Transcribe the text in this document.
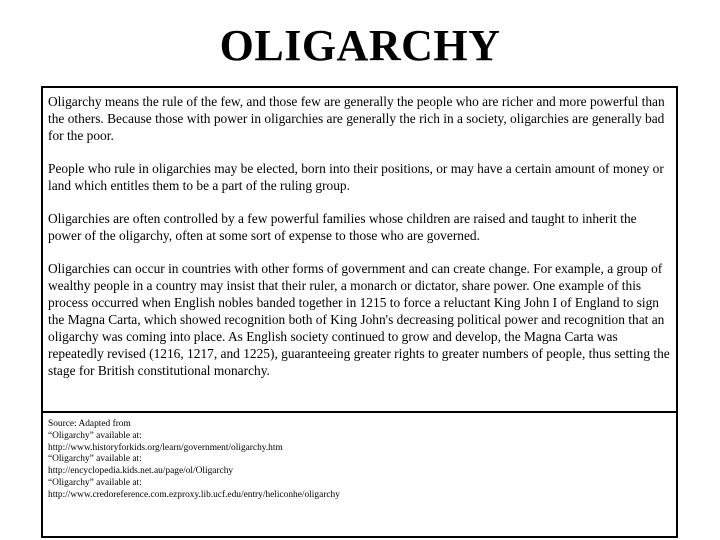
OLIGARCHY

Oligarchy means the rule of the few, and those few are generally the people who are richer and more powerful than the others. Because those with power in oligarchies are generally the rich in a society, oligarchies are generally bad for the poor.

People who rule in oligarchies may be elected, born into their positions, or may have a certain amount of money or land which entitles them to be a part of the ruling group.

Oligarchies are often controlled by a few powerful families whose children are raised and taught to inherit the power of the oligarchy, often at some sort of expense to those who are governed.

Oligarchies can occur in countries with other forms of government and can create change. For example, a group of wealthy people in a country may insist that their ruler, a monarch or dictator, share power. One example of this process occurred when English nobles banded together in 1215 to force a reluctant King John I of England to sign the Magna Carta, which showed recognition both of King John's decreasing political power and recognition that an oligarchy was coming into place. As English society continued to grow and develop, the Magna Carta was repeatedly revised (1216, 1217, and 1225), guaranteeing greater rights to greater numbers of people, thus setting the stage for British constitutional monarchy.

Source: Adapted from
“Oligarchy” available at:
http://www.historyforkids.org/learn/government/oligarchy.htm
“Oligarchy” available at:
http://encyclopedia.kids.net.au/page/ol/Oligarchy
“Oligarchy” available at:
http://www.credoreference.com.ezproxy.lib.ucf.edu/entry/heliconhe/oligarchy
